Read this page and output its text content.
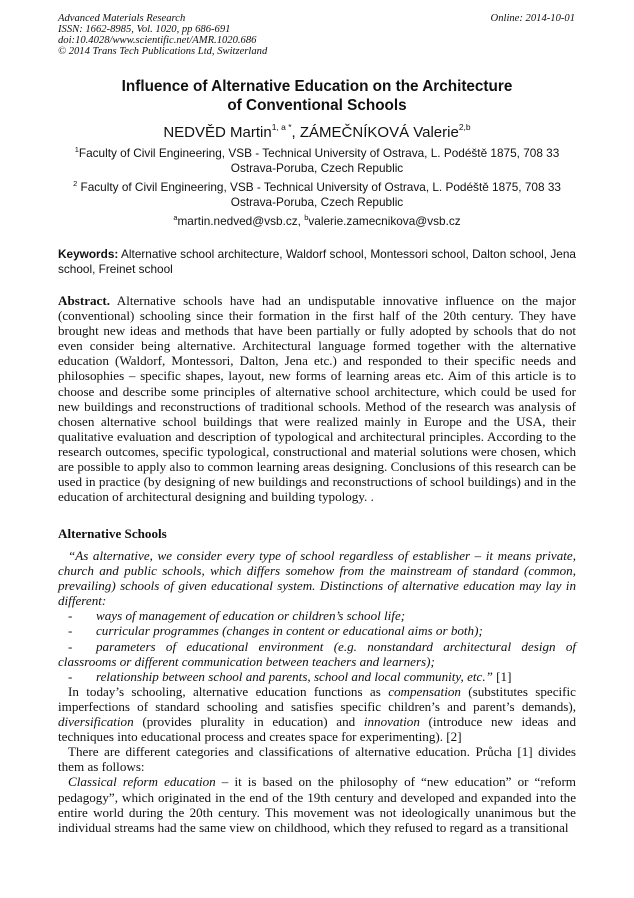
Advanced Materials Research
ISSN: 1662-8985, Vol. 1020, pp 686-691
doi:10.4028/www.scientific.net/AMR.1020.686
© 2014 Trans Tech Publications Ltd, Switzerland
Online: 2014-10-01
Influence of Alternative Education on the Architecture
of Conventional Schools
NEDVĚD Martin$^{1, a *}$, ZÁMEČNÍKOVÁ Valerie$^{2,b}$
$^1$Faculty of Civil Engineering, VSB - Technical University of Ostrava, L. Podéště 1875, 708 33
Ostrava-Poruba, Czech Republic
$^2$ Faculty of Civil Engineering, VSB - Technical University of Ostrava, L. Podéště 1875, 708 33
Ostrava-Poruba, Czech Republic
$^a$martin.nedved@vsb.cz, $^b$valerie.zamecnikova@vsb.cz
Keywords: Alternative school architecture, Waldorf school, Montessori school, Dalton school, Jena school, Freinet school
Abstract. Alternative schools have had an undisputable innovative influence on the major (conventional) schooling since their formation in the first half of the 20th century. They have brought new ideas and methods that have been partially or fully adopted by schools that do not even consider being alternative. Architectural language formed together with the alternative education (Waldorf, Montessori, Dalton, Jena etc.) and responded to their specific needs and philosophies – specific shapes, layout, new forms of learning areas etc. Aim of this article is to choose and describe some principles of alternative school architecture, which could be used for new buildings and reconstructions of traditional schools. Method of the research was analysis of chosen alternative school buildings that were realized mainly in Europe and the USA, their qualitative evaluation and description of typological and architectural principles. According to the research outcomes, specific typological, constructional and material solutions were chosen, which are possible to apply also to common learning areas designing. Conclusions of this research can be used in practice (by designing of new buildings and reconstructions of school buildings) and in the education of architectural designing and building typology. .
Alternative Schools

“As alternative, we consider every type of school regardless of establisher – it means private, church and public schools, which differs somehow from the mainstream of standard (common, prevailing) schools of given educational system. Distinctions of alternative education may lay in different:

-	ways of management of education or children’s school life;
-	curricular programmes (changes in content or educational aims or both);
- parameters of educational environment (e.g. nonstandard architectural design of classrooms or different communication between teachers and learners);
-	relationship between school and parents, school and local community, etc.” [1]

In today’s schooling, alternative education functions as compensation (substitutes specific imperfections of standard schooling and satisfies specific children’s and parent’s demands), diversification (provides plurality in education) and innovation (introduce new ideas and techniques into educational process and creates space for experimenting). [2]

There are different categories and classifications of alternative education. Průcha [1] divides them as follows:

Classical reform education – it is based on the philosophy of “new education” or “reform pedagogy”, which originated in the end of the 19th century and developed and expanded into the entire world during the 20th century. This movement was not ideologically unanimous but the individual streams had the same view on childhood, which they refused to regard as a transitional
